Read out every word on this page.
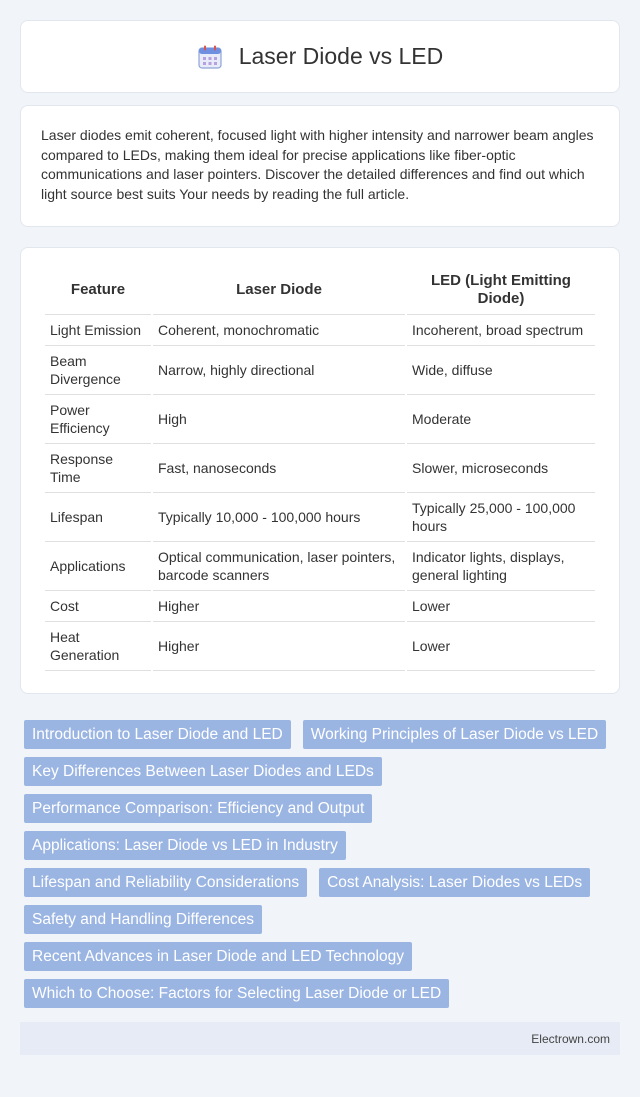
Laser Diode vs LED

Laser diodes emit coherent, focused light with higher intensity and narrower beam angles compared to LEDs, making them ideal for precise applications like fiber-optic communications and laser pointers. Discover the detailed differences and find out which light source best suits Your needs by reading the full article.

Feature	Laser Diode	LED (Light Emitting Diode)
Light Emission	Coherent, monochromatic	Incoherent, broad spectrum
Beam Divergence	Narrow, highly directional	Wide, diffuse
Power Efficiency	High	Moderate
Response Time	Fast, nanoseconds	Slower, microseconds
Lifespan	Typically 10,000 - 100,000 hours	Typically 25,000 - 100,000 hours
Applications	Optical communication, laser pointers, barcode scanners	Indicator lights, displays, general lighting
Cost	Higher	Lower
Heat Generation	Higher	Lower
Introduction to Laser Diode and LED	Working Principles of Laser Diode vs LED
Key Differences Between Laser Diodes and LEDs
Performance Comparison: Efficiency and Output
Applications: Laser Diode vs LED in Industry
Lifespan and Reliability Considerations	Cost Analysis: Laser Diodes vs LEDs
Safety and Handling Differences
Recent Advances in Laser Diode and LED Technology
Which to Choose: Factors for Selecting Laser Diode or LED
Electrown.com
